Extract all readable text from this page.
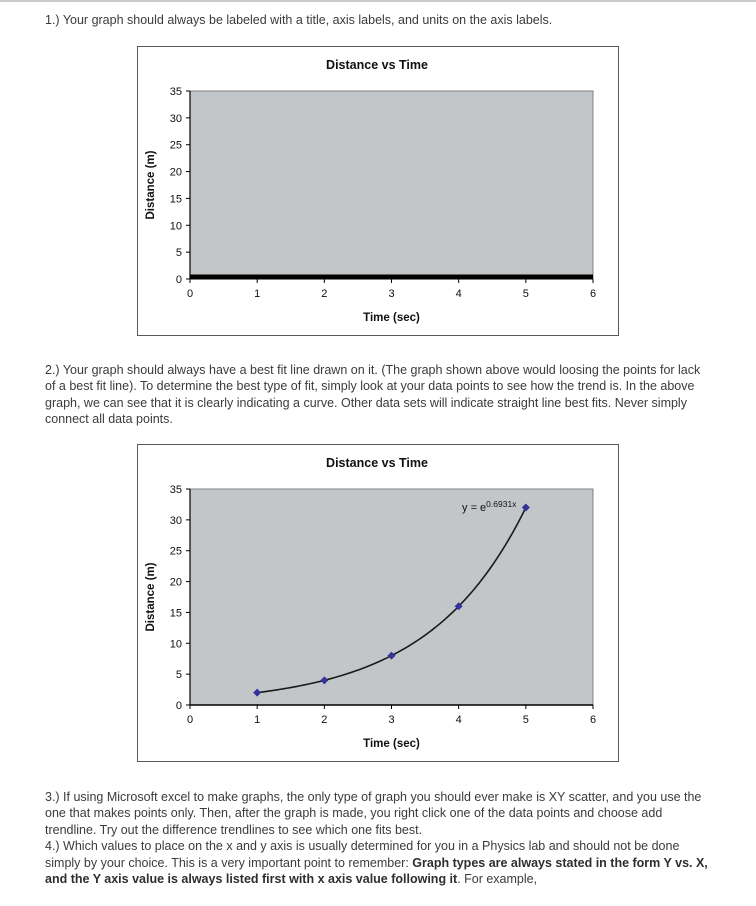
1.) Your graph should always be labeled with a title, axis labels, and units on the axis labels.

Distance vs Time
0
5
10
15
20
25
30
35
0	1	2	3	4	5	6
Distance (m)
Time (sec)

2.) Your graph should always have a best fit line drawn on it. (The graph shown above would loosing the points for lack of a best fit line). To determine the best type of fit, simply look at your data points to see how the trend is. In the above graph, we can see that it is clearly indicating a curve. Other data sets will indicate straight line best fits. Never simply connect all data points.

Distance vs Time
0
5
10
15
20
25
30
35
0	1	2	3	4	5	6
$y = e^{0.6931x}$
Distance (m)
Time (sec)

3.) If using Microsoft excel to make graphs, the only type of graph you should ever make is XY scatter, and you use the one that makes points only. Then, after the graph is made, you right click one of the data points and choose add trendline. Try out the difference trendlines to see which one fits best.

4.) Which values to place on the x and y axis is usually determined for you in a Physics lab and should not be done simply by your choice. This is a very important point to remember: Graph types are always stated in the form Y vs. X, and the Y axis value is always listed first with x axis value following it. For example,
